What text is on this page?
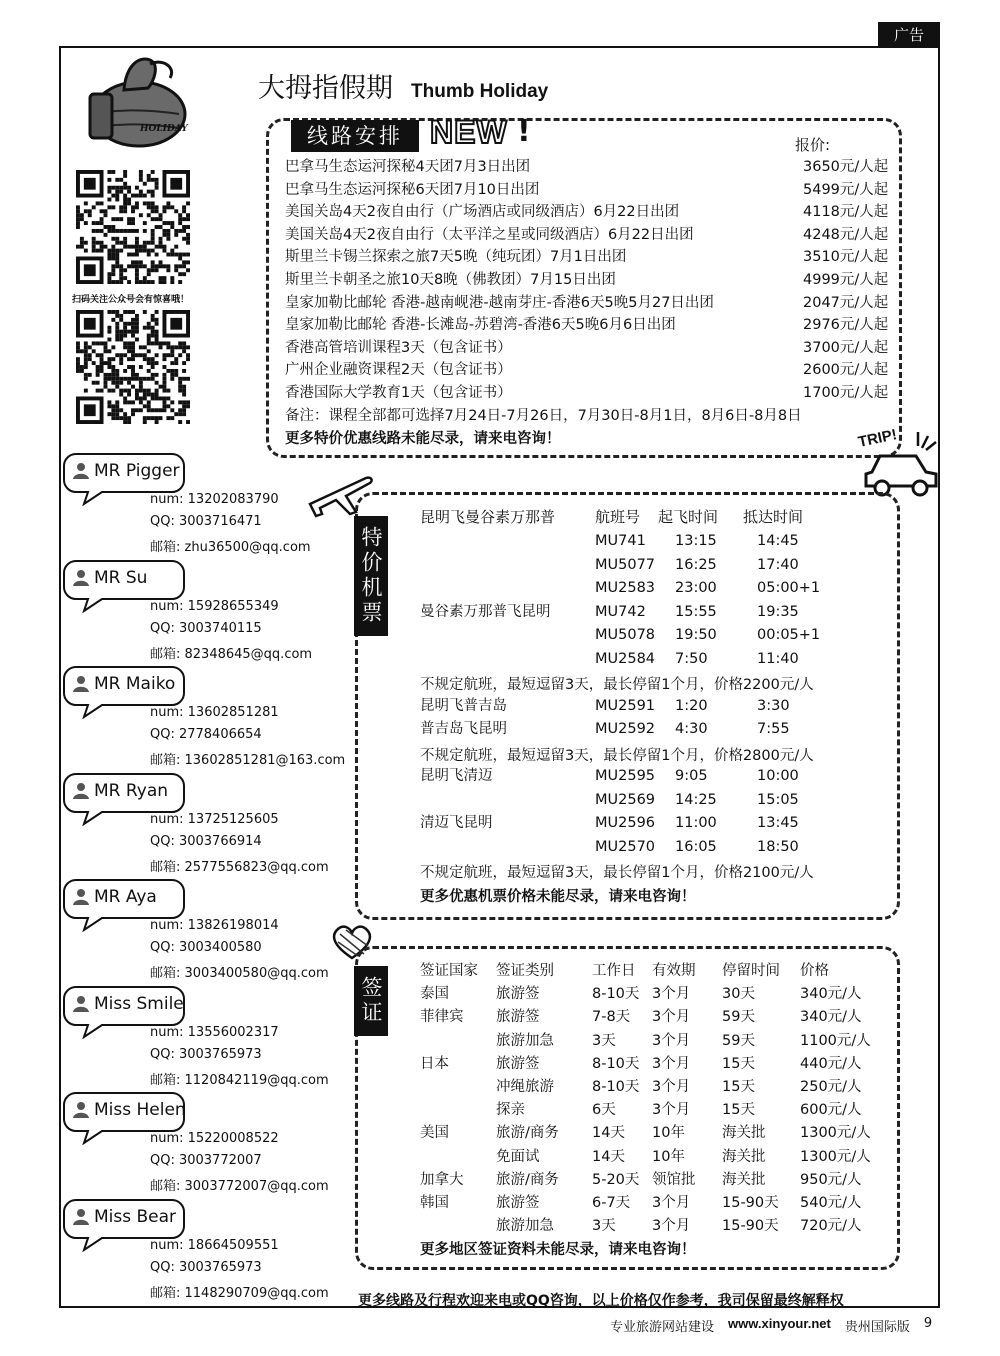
广告
HOLIDAY
大拇指假期 Thumb Holiday
扫码关注公众号会有惊喜哦！
线路安排 NEW !	报价:
巴拿马生态运河探秘4天团7月3日出团	3650元/人起
巴拿马生态运河探秘6天团7月10日出团	5499元/人起
美国关岛4天2夜自由行（广场酒店或同级酒店）6月22日出团	4118元/人起
美国关岛4天2夜自由行（太平洋之星或同级酒店）6月22日出团	4248元/人起
斯里兰卡锡兰探索之旅7天5晚（纯玩团）7月1日出团	3510元/人起
斯里兰卡朝圣之旅10天8晚（佛教团）7月15日出团	4999元/人起
皇家加勒比邮轮 香港-越南岘港-越南芽庄-香港6天5晚5月27日出团	2047元/人起
皇家加勒比邮轮 香港-长滩岛-苏碧湾-香港6天5晚6月6日出团	2976元/人起
香港高管培训课程3天（包含证书）	3700元/人起
广州企业融资课程2天（包含证书）	2600元/人起
香港国际大学教育1天（包含证书）	1700元/人起
备注：课程全部都可选择7月24日-7月26日，7月30日-8月1日，8月6日-8月8日
更多特价优惠线路未能尽录，请来电咨询！	TRIP!
特价机票
昆明飞曼谷素万那普	航班号 起飞时间 抵达时间
MU741 13:15	14:45
MU5077 16:25	17:40
MU2583 23:00	05:00+1
曼谷素万那普飞昆明	MU742 15:55	19:35
MU5078 19:50	00:05+1
MU2584 7:50	11:40
不规定航班，最短逗留3天，最长停留1个月，价格2200元/人
昆明飞普吉岛	MU2591 1:20	3:30
普吉岛飞昆明	MU2592 4:30	7:55
不规定航班，最短逗留3天，最长停留1个月，价格2800元/人
昆明飞清迈	MU2595 9:05	10:00
MU2569 14:25	15:05
清迈飞昆明	MU2596 11:00	13:45
MU2570 16:05	18:50
不规定航班，最短逗留3天，最长停留1个月，价格2100元/人
更多优惠机票价格未能尽录，请来电咨询！
签证
签证国家 签证类别	工作日 有效期 停留时间 价格
泰国	旅游签	8-10天 3个月 30天	340元/人
菲律宾 旅游签	7-8天 3个月 59天	340元/人
旅游加急	3天	3个月 59天	1100元/人
日本	旅游签	8-10天 3个月 15天	440元/人
冲绳旅游	8-10天 3个月 15天	250元/人
探亲	6天	3个月 15天	600元/人
美国	旅游/商务 14天 10年	海关批 1300元/人
免面试	14天 10年	海关批 1300元/人
加拿大 旅游/商务 5-20天 领馆批 海关批 950元/人
韩国	旅游签	6-7天 3个月 15-90天 540元/人
旅游加急	3天	3个月 15-90天 720元/人
更多地区签证资料未能尽录，请来电咨询！
MR Pigger
num: 13202083790
QQ: 3003716471
邮箱: zhu36500@qq.com
MR Su
num: 15928655349
QQ: 3003740115
邮箱: 82348645@qq.com
MR Maiko
num: 13602851281
QQ: 2778406654
邮箱: 13602851281@163.com
MR Ryan
num: 13725125605
QQ: 3003766914
邮箱: 2577556823@qq.com
MR Aya
num: 13826198014
QQ: 3003400580
邮箱: 3003400580@qq.com
Miss Smile
num: 13556002317
QQ: 3003765973
邮箱: 1120842119@qq.com
Miss Helen
num: 15220008522
QQ: 3003772007
邮箱: 3003772007@qq.com
Miss Bear
num: 18664509551
QQ: 3003765973
邮箱: 1148290709@qq.com 更多线路及行程欢迎来电或QQ咨询，以上价格仅作参考，我司保留最终解释权
专业旅游网站建设 www.xinyour.net 贵州国际版 9
